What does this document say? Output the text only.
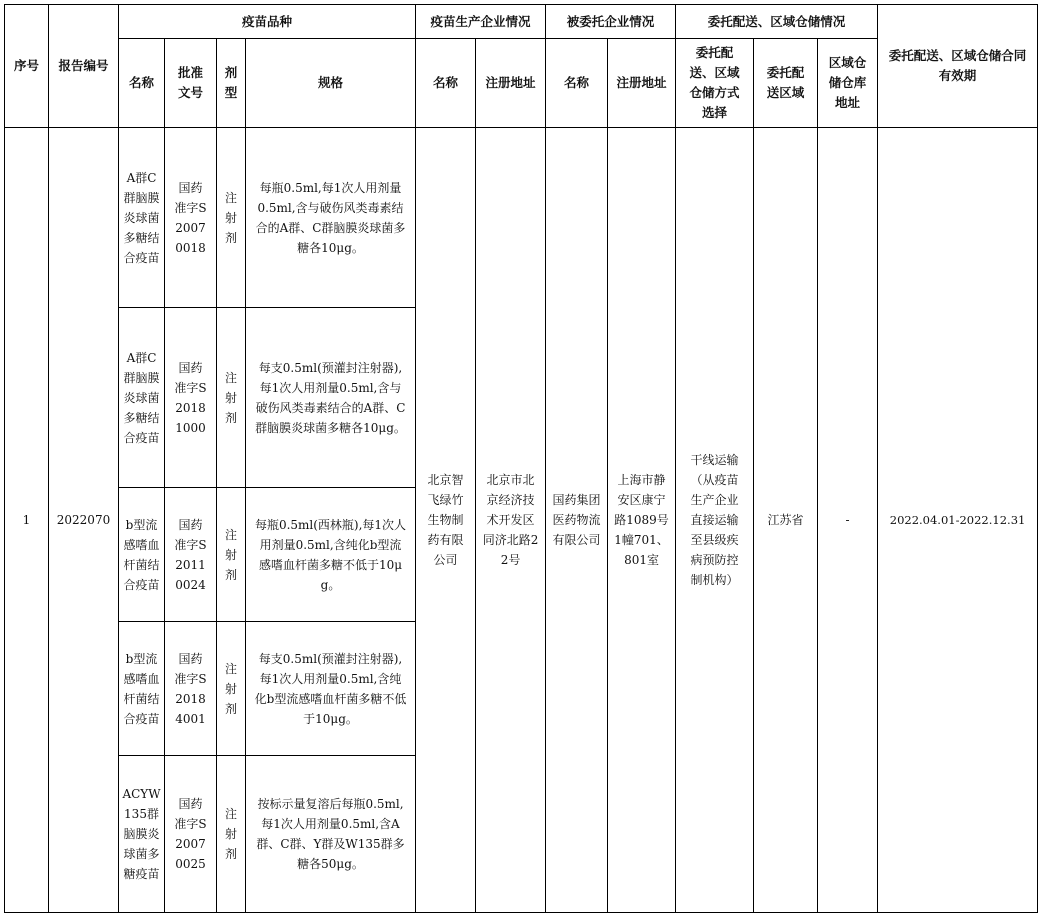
序号	报告编号	疫苗品种				疫苗生产企业情况		被委托企业情况		委托配送、区域仓储情况			委托配送、区域仓储合同有效期
		名称	批准文号	剂型	规格	名称	注册地址	名称	注册地址	委托配送、区域仓储方式选择	委托配送区域	区域仓储仓库地址	
1	2022070	A群C群脑膜炎球菌多糖结合疫苗	国药准字S20070018	注射剂	每瓶0.5ml,每1次人用剂量0.5ml,含与破伤风类毒素结合的A群、C群脑膜炎球菌多糖各10μg。	北京智飞绿竹生物制药有限公司	北京市北京经济技术开发区同济北路22号	国药集团医药物流有限公司	上海市静安区康宁路1089号1幢701、801室	干线运输（从疫苗生产企业直接运输至县级疾病预防控制机构）	江苏省	-	2022.04.01-2022.12.31
		A群C群脑膜炎球菌多糖结合疫苗	国药准字S20181000	注射剂	每支0.5ml(预灌封注射器),每1次人用剂量0.5ml,含与破伤风类毒素结合的A群、C群脑膜炎球菌多糖各10μg。								
		b型流感嗜血杆菌结合疫苗	国药准字S20110024	注射剂	每瓶0.5ml(西林瓶),每1次人用剂量0.5ml,含纯化b型流感嗜血杆菌多糖不低于10μg。								
		b型流感嗜血杆菌结合疫苗	国药准字S20184001	注射剂	每支0.5ml(预灌封注射器),每1次人用剂量0.5ml,含纯化b型流感嗜血杆菌多糖不低于10μg。								
		ACYW135群脑膜炎球菌多糖疫苗	国药准字S20070025	注射剂	按标示量复溶后每瓶0.5ml,每1次人用剂量0.5ml,含A群、C群、Y群及W135群多糖各50μg。								
